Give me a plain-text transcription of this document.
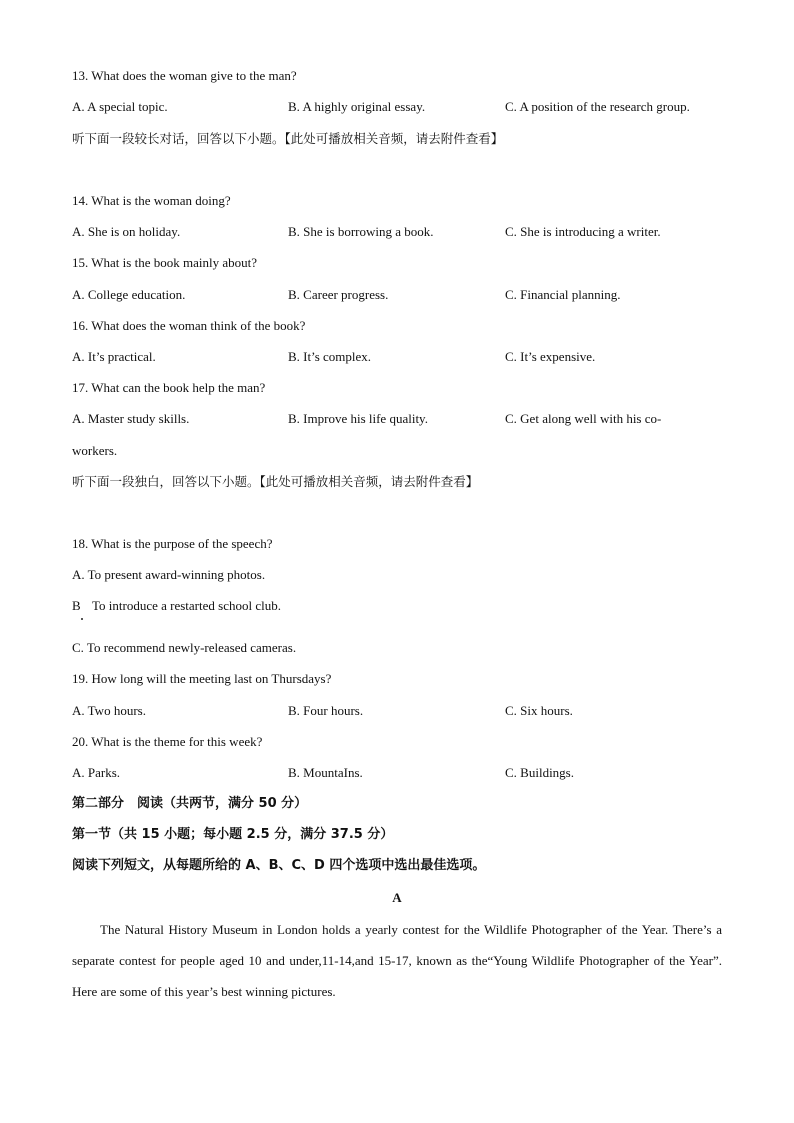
13. What does the woman give to the man?
A. A special topic.	B. A highly original essay.	C. A position of the research group.
听下面一段较长对话，回答以下小题。【此处可播放相关音频，请去附件查看】
14. What is the woman doing?
A. She is on holiday.	B. She is borrowing a book.	C. She is introducing a writer.
15. What is the book mainly about?
A. College education.	B. Career progress.	C. Financial planning.
16. What does the woman think of the book?
A. It’s practical.	B. It’s complex.	C. It’s expensive.
17. What can the book help the man?
A. Master study skills.	B. Improve his life quality.	C. Get along well with his co-
workers.
听下面一段独白，回答以下小题。【此处可播放相关音频，请去附件查看】
18. What is the purpose of the speech?
A. To present award-winning photos.
B To introduce a restarted school club.
C. To recommend newly-released cameras.
19. How long will the meeting last on Thursdays?
A. Two hours.	B. Four hours.	C. Six hours.
20. What is the theme for this week?
A. Parks.	B. MountaIns.	C. Buildings.
第二部分　阅读（共两节，满分 50 分）
第一节（共 15 小题；每小题 2.5 分，满分 37.5 分）
阅读下列短文，从每题所给的 A、B、C、D 四个选项中选出最佳选项。
A
The Natural History Museum in London holds a yearly contest for the Wildlife Photographer of the Year. There’s a separate contest for people aged 10 and under,11-14,and 15-17, known as the“Young Wildlife Photographer of the Year”. Here are some of this year’s best winning pictures.
